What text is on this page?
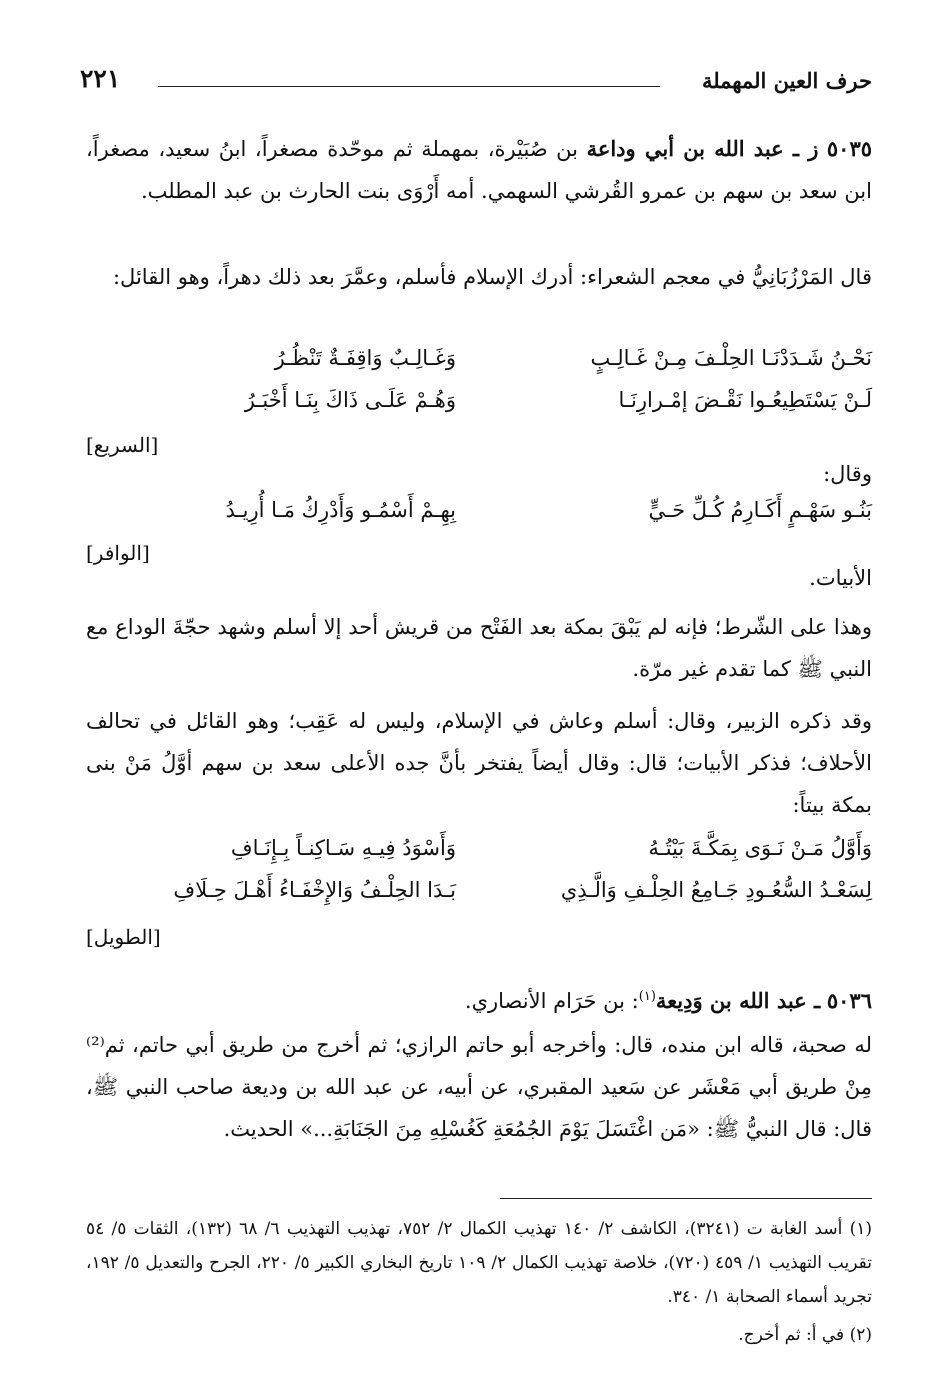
حرف العين المهملة
٢٢١
٥٠٣٥ ز ـ عبد الله بن أبي وداعة بن صُبَيْرة، بمهملة ثم موحّدة مصغراً، ابنُ سعيد، مصغراً، ابن سعد بن سهم بن عمرو القُرشي السهمي. أمه أَرْوَى بنت الحارث بن عبد المطلب.
قال المَرْزُبَانِيُّ في معجم الشعراء: أدرك الإسلام فأسلم، وعمَّرَ بعد ذلك دهراً، وهو القائل:
نَحْـنُ شَـدَدْنَـا الحِلْـفَ مِـنْ غَـالِـبٍ
وَغَـالِـبٌ وَاقِفَـةٌ تَنْظُـرُ
لَـنْ يَسْتَطِيعُـوا نَقْـضَ إمْـرارِنَـا
وَهُـمْ عَلَـى ذَاكَ بِنَـا أَخْبَـرُ
[السريع]
وقال:
بَنُـو سَهْـمٍ أَكَـارِمُ كُـلِّ حَـيٍّ
بِهِـمْ أَسْمُـو وَأَدْرِكُ مَـا أُرِيـدُ
[الوافر]
الأبيات.
وهذا على الشّرط؛ فإنه لم يَبْقَ بمكة بعد الفَتْح من قريش أحد إلا أسلم وشهد حجّةَ الوداع مع النبي ﷺ كما تقدم غير مرّة.
وقد ذكره الزبير، وقال: أسلم وعاش في الإسلام، وليس له عَقِب؛ وهو القائل في تحالف الأحلاف؛ فذكر الأبيات؛ قال: وقال أيضاً يفتخر بأنَّ جده الأعلى سعد بن سهم أوَّلُ مَنْ بنى بمكة بيتاً:
وَأَوَّلُ مَـنْ نَـوَى بِمَكَّـةَ بَيْتُـهُ
وَأَسْوَدُ فِيـهِ سَـاكِنـاً بِـإِنَـافِ
لِسَعْـدُ السُّعُـودِ جَـامِعُ الحِلْـفِ وَالَّـذِي
بَـدَا الحِلْـفُ وَالإِخْفَـاءُ أَهْـلَ حِـلَافِ
[الطويل]
٥٠٣٦ ـ عبد الله بن وَدِيعة$^{(١)}$: بن حَرَام الأنصاري.
له صحبة، قاله ابن منده، قال: وأخرجه أبو حاتم الرازي؛ ثم أخرج من طريق أبي حاتم، ثم⁽²⁾ مِنْ طريق أبي مَعْشَر عن سَعيد المقبري، عن أبيه، عن عبد الله بن وديعة صاحب النبي ﷺ، قال: قال النبيُّ ﷺ: «مَن اغْتَسَلَ يَوْمَ الجُمُعَةِ كَغُسْلِهِ مِنَ الجَنَابَةِ...» الحديث.
(١) أسد الغابة ت (٣٢٤١)، الكاشف ٢/ ١٤٠ تهذيب الكمال ٢/ ٧٥٢، تهذيب التهذيب ٦/ ٦٨ (١٣٢)، الثقات ٥/ ٥٤ تقريب التهذيب ١/ ٤٥٩ (٧٢٠)، خلاصة تهذيب الكمال ٢/ ١٠٩ تاريخ البخاري الكبير ٥/ ٢٢٠، الجرح والتعديل ٥/ ١٩٢، تجريد أسماء الصحابة ١/ ٣٤٠.
(٢) في أ: ثم أخرج.
